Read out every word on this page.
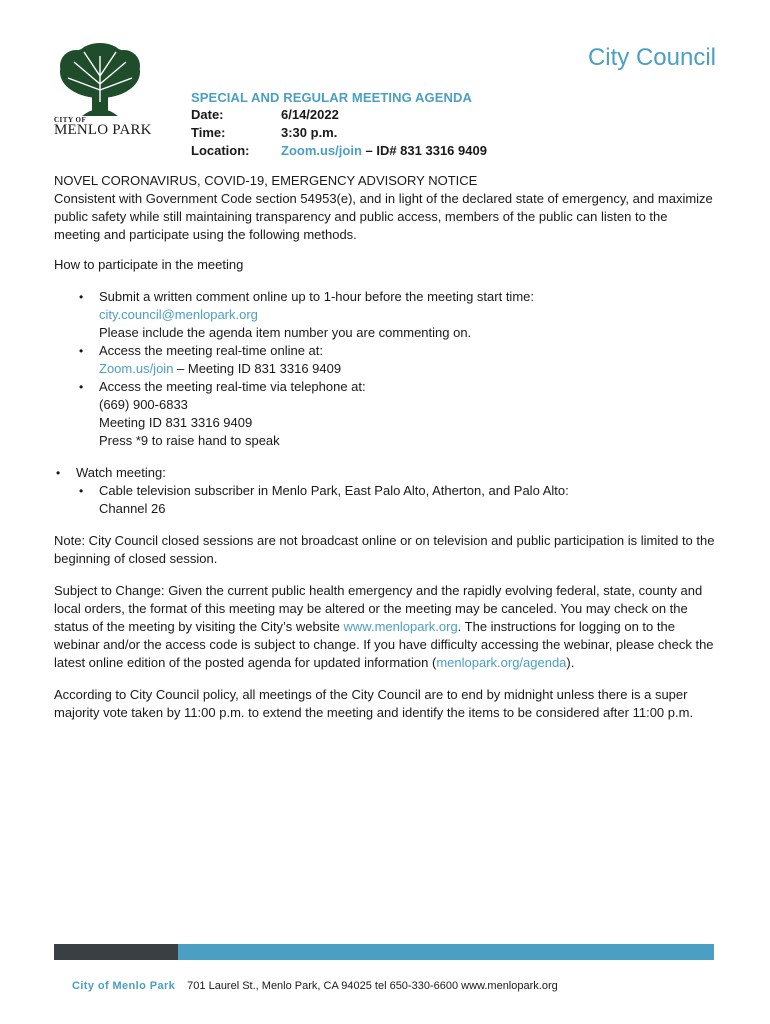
CITY OF
MENLO PARK
City Council
SPECIAL AND REGULAR MEETING AGENDA
Date:	6/14/2022
Time:	3:30 p.m.
Location: Zoom.us/join – ID# 831 3316 9409

NOVEL CORONAVIRUS, COVID-19, EMERGENCY ADVISORY NOTICE

Consistent with Government Code section 54953(e), and in light of the declared state of emergency, and maximize public safety while still maintaining transparency and public access, members of the public can listen to the meeting and participate using the following methods.

How to participate in the meeting

• Submit a written comment online up to 1-hour before the meeting start time:
city.council@menlopark.org
Please include the agenda item number you are commenting on.
• Access the meeting real-time online at:
Zoom.us/join – Meeting ID 831 3316 9409
• Access the meeting real-time via telephone at:
(669) 900-6833
Meeting ID 831 3316 9409
Press *9 to raise hand to speak
• Watch meeting:
• Cable television subscriber in Menlo Park, East Palo Alto, Atherton, and Palo Alto:
Channel 26

Note: City Council closed sessions are not broadcast online or on television and public participation is limited to the beginning of closed session.

Subject to Change: Given the current public health emergency and the rapidly evolving federal, state, county and local orders, the format of this meeting may be altered or the meeting may be canceled. You may check on the status of the meeting by visiting the City’s website www.menlopark.org. The instructions for logging on to the webinar and/or the access code is subject to change. If you have difficulty accessing the webinar, please check the latest online edition of the posted agenda for updated information (menlopark.org/agenda).

According to City Council policy, all meetings of the City Council are to end by midnight unless there is a super majority vote taken by 11:00 p.m. to extend the meeting and identify the items to be considered after 11:00 p.m.

City of Menlo Park 701 Laurel St., Menlo Park, CA 94025 tel 650-330-6600 www.menlopark.org
